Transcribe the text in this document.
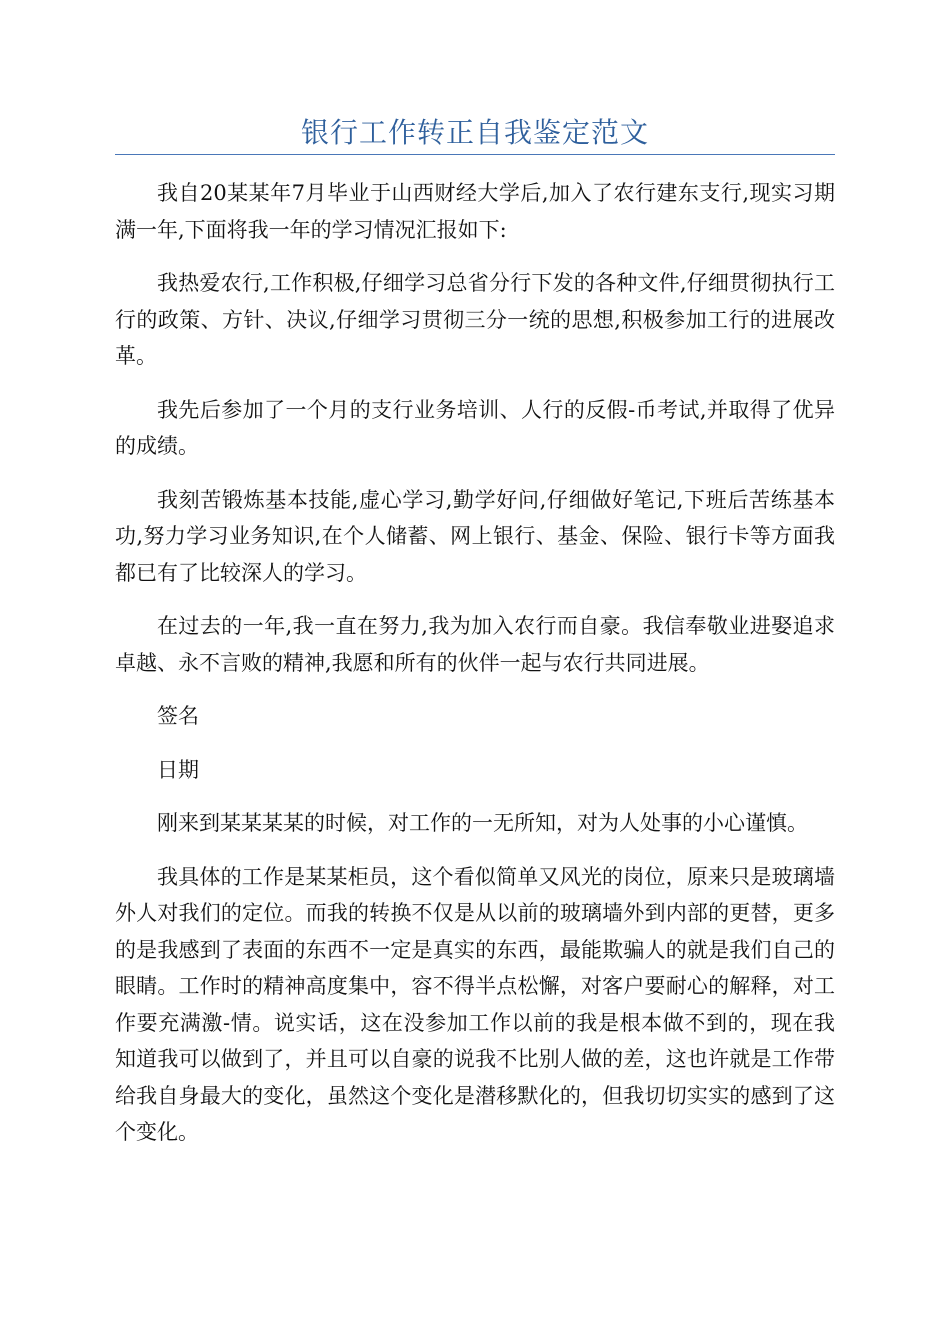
银行工作转正自我鉴定范文

我自20某某年7月毕业于山西财经大学后,加入了农行建东支行,现实习期满一年,下面将我一年的学习情况汇报如下:

我热爱农行,工作积极,仔细学习总省分行下发的各种文件,仔细贯彻执行工行的政策、方针、决议,仔细学习贯彻三分一统的思想,积极参加工行的进展改革。

我先后参加了一个月的支行业务培训、人行的反假-币考试,并取得了优异的成绩。

我刻苦锻炼基本技能,虚心学习,勤学好问,仔细做好笔记,下班后苦练基本功,努力学习业务知识,在个人储蓄、网上银行、基金、保险、银行卡等方面我都已有了比较深人的学习。

在过去的一年,我一直在努力,我为加入农行而自豪。我信奉敬业进娶追求卓越、永不言败的精神,我愿和所有的伙伴一起与农行共同进展。

签名

日期

刚来到某某某某的时候，对工作的一无所知，对为人处事的小心谨慎。

我具体的工作是某某柜员，这个看似简单又风光的岗位，原来只是玻璃墙外人对我们的定位。而我的转换不仅是从以前的玻璃墙外到内部的更替，更多的是我感到了表面的东西不一定是真实的东西，最能欺骗人的就是我们自己的眼睛。工作时的精神高度集中，容不得半点松懈，对客户要耐心的解释，对工作要充满激-情。说实话，这在没参加工作以前的我是根本做不到的，现在我知道我可以做到了，并且可以自豪的说我不比别人做的差，这也许就是工作带给我自身最大的变化，虽然这个变化是潜移默化的，但我切切实实的感到了这个变化。
